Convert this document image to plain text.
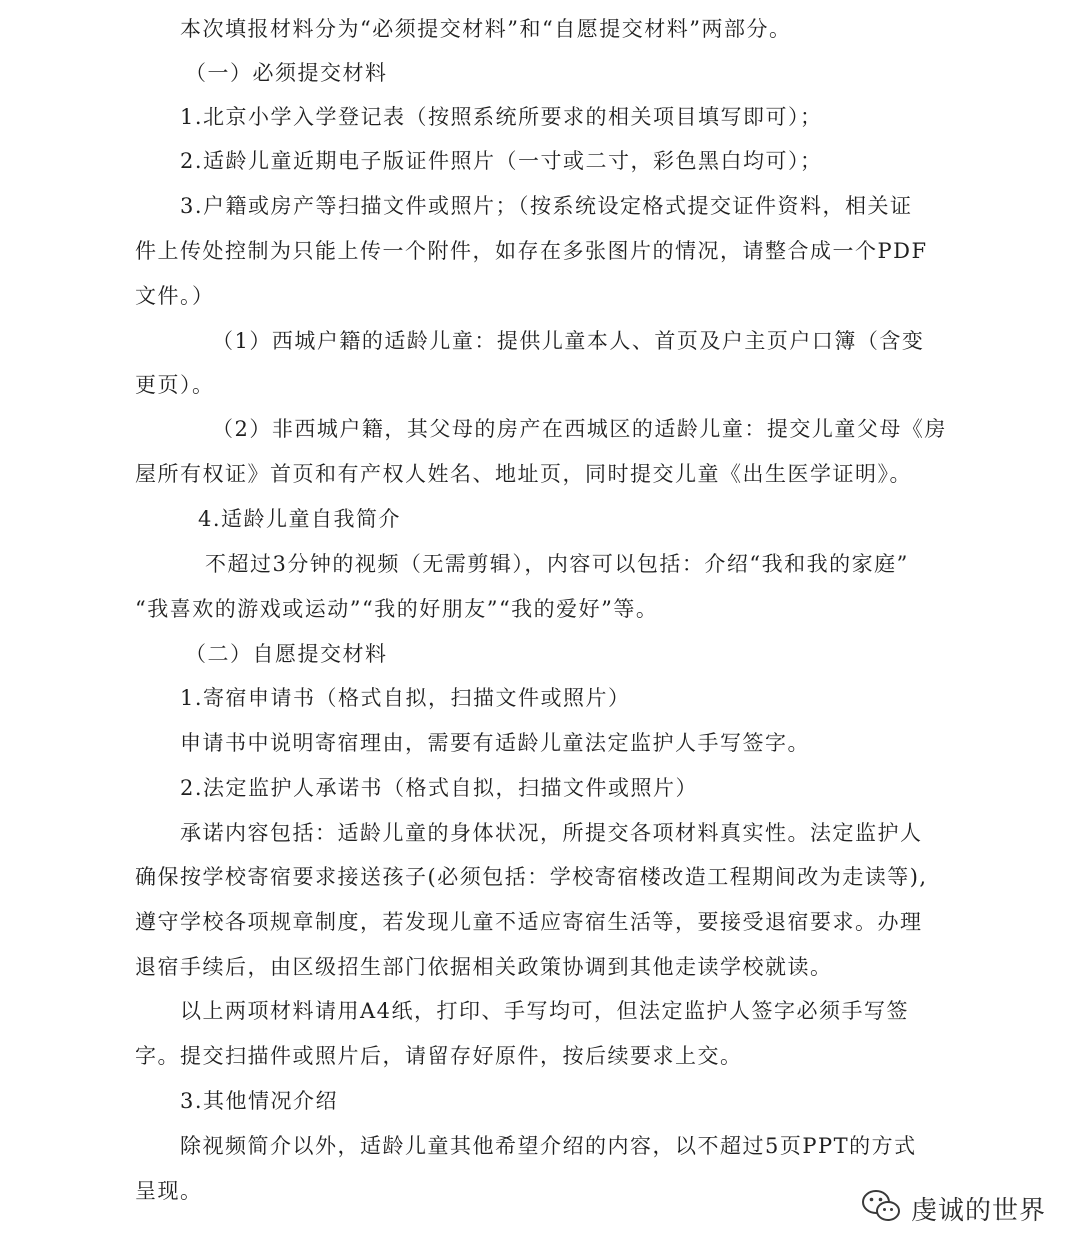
本次填报材料分为“必须提交材料”和“自愿提交材料”两部分。
（一）必须提交材料
1.北京小学入学登记表（按照系统所要求的相关项目填写即可）；
2.适龄儿童近期电子版证件照片（一寸或二寸，彩色黑白均可）；
3.户籍或房产等扫描文件或照片；（按系统设定格式提交证件资料，相关证
件上传处控制为只能上传一个附件，如存在多张图片的情况，请整合成一个PDF
文件。）
（1）西城户籍的适龄儿童：提供儿童本人、首页及户主页户口簿（含变
更页）。
（2）非西城户籍，其父母的房产在西城区的适龄儿童：提交儿童父母《房
屋所有权证》首页和有产权人姓名、地址页，同时提交儿童《出生医学证明》。
4.适龄儿童自我简介
不超过3分钟的视频（无需剪辑），内容可以包括：介绍“我和我的家庭”
“我喜欢的游戏或运动”“我的好朋友”“我的爱好”等。
（二）自愿提交材料
1.寄宿申请书（格式自拟，扫描文件或照片）
申请书中说明寄宿理由，需要有适龄儿童法定监护人手写签字。
2.法定监护人承诺书（格式自拟，扫描文件或照片）
承诺内容包括：适龄儿童的身体状况，所提交各项材料真实性。法定监护人
确保按学校寄宿要求接送孩子(必须包括：学校寄宿楼改造工程期间改为走读等),
遵守学校各项规章制度，若发现儿童不适应寄宿生活等，要接受退宿要求。办理
退宿手续后，由区级招生部门依据相关政策协调到其他走读学校就读。
以上两项材料请用A4纸，打印、手写均可，但法定监护人签字必须手写签
字。提交扫描件或照片后，请留存好原件，按后续要求上交。
3.其他情况介绍
除视频简介以外，适龄儿童其他希望介绍的内容，以不超过5页PPT的方式
呈现。
虔诚的世界
